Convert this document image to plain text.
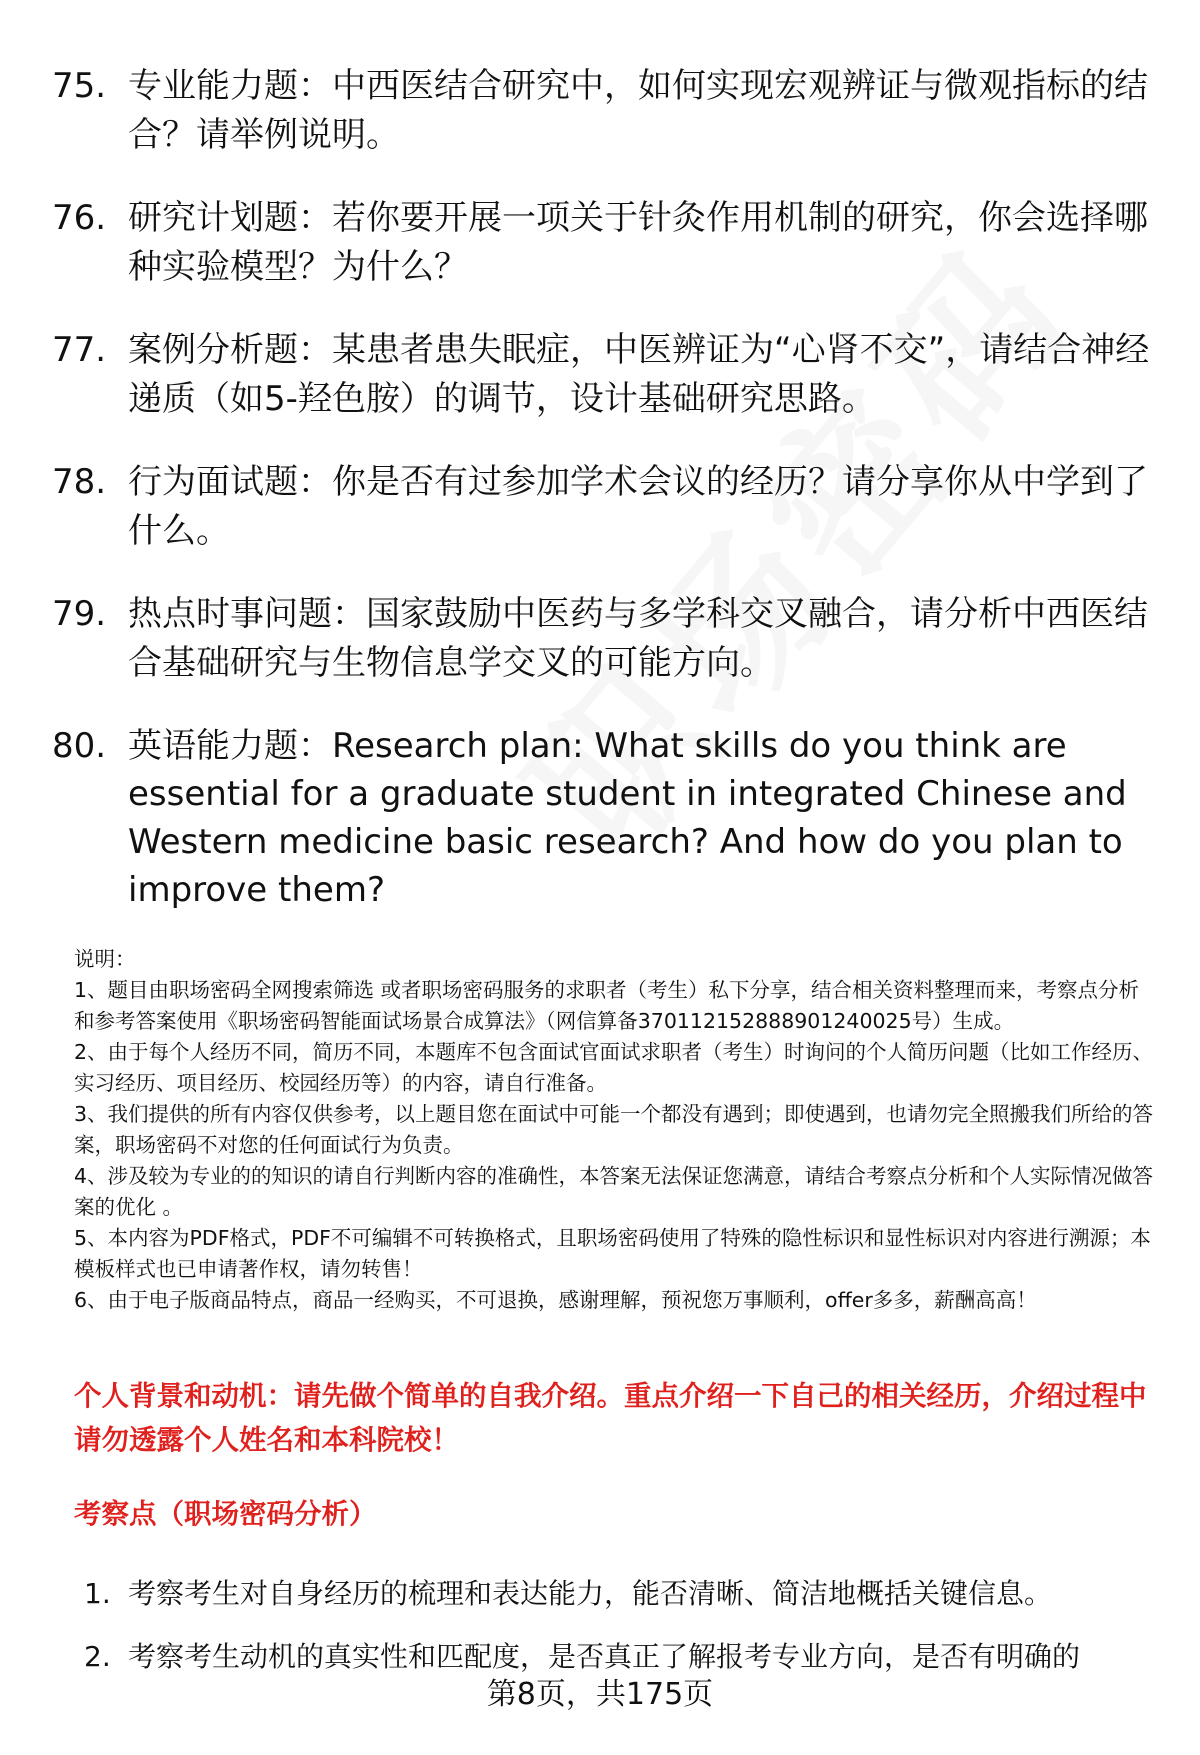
75. 专业能力题：中西医结合研究中，如何实现宏观辨证与微观指标的结合？请举例说明。
76. 研究计划题：若你要开展一项关于针灸作用机制的研究，你会选择哪种实验模型？为什么？
77. 案例分析题：某患者患失眠症，中医辨证为“心肾不交”，请结合神经递质（如5-羟色胺）的调节，设计基础研究思路。
78. 行为面试题：你是否有过参加学术会议的经历？请分享你从中学到了什么。
79. 热点时事问题：国家鼓励中医药与多学科交叉融合，请分析中西医结合基础研究与生物信息学交叉的可能方向。
80. 英语能力题：Research plan: What skills do you think are essential for a graduate student in integrated Chinese and Western medicine basic research? And how do you plan to improve them?

说明：

1、题目由职场密码全网搜索筛选 或者职场密码服务的求职者（考生）私下分享，结合相关资料整理而来，考察点分析和参考答案使用《职场密码智能面试场景合成算法》（网信算备370112152888901240025号）生成。

2、由于每个人经历不同，简历不同，本题库不包含面试官面试求职者（考生）时询问的个人简历问题（比如工作经历、实习经历、项目经历、校园经历等）的内容，请自行准备。

3、我们提供的所有内容仅供参考，以上题目您在面试中可能一个都没有遇到；即使遇到，也请勿完全照搬我们所给的答案，职场密码不对您的任何面试行为负责。

4、涉及较为专业的的知识的请自行判断内容的准确性，本答案无法保证您满意，请结合考察点分析和个人实际情况做答案的优化 。

5、本内容为PDF格式，PDF不可编辑不可转换格式，且职场密码使用了特殊的隐性标识和显性标识对内容进行溯源；本模板样式也已申请著作权，请勿转售！

6、由于电子版商品特点，商品一经购买，不可退换，感谢理解，预祝您万事顺利，offer多多，薪酬高高！

个人背景和动机：请先做个简单的自我介绍。重点介绍一下自己的相关经历，介绍过程中请勿透露个人姓名和本科院校！
考察点（职场密码分析）
1. 考察考生对自身经历的梳理和表达能力，能否清晰、简洁地概括关键信息。
2. 考察考生动机的真实性和匹配度，是否真正了解报考专业方向，是否有明确的
第8页，共175页
